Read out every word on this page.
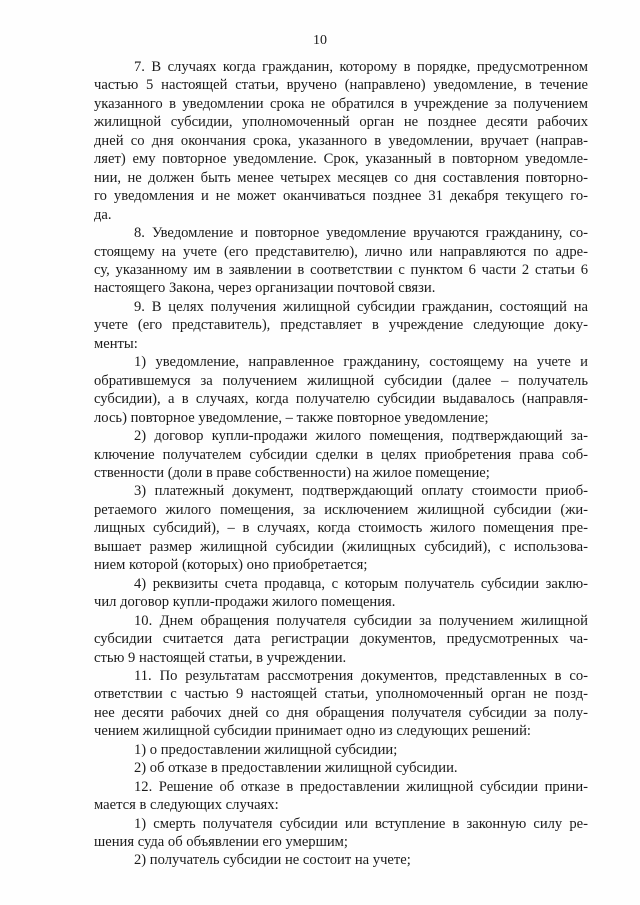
10

7. В случаях когда гражданин, которому в порядке, предусмотренном

частью 5 настоящей статьи, вручено (направлено) уведомление, в течение

указанного в уведомлении срока не обратился в учреждение за получением

жилищной субсидии, уполномоченный орган не позднее десяти рабочих

дней со дня окончания срока, указанного в уведомлении, вручает (направ-

ляет) ему повторное уведомление. Срок, указанный в повторном уведомле-

нии, не должен быть менее четырех месяцев со дня составления повторно-

го уведомления и не может оканчиваться позднее 31 декабря текущего го-

да.

8. Уведомление и повторное уведомление вручаются гражданину, со-

стоящему на учете (его представителю), лично или направляются по адре-

су, указанному им в заявлении в соответствии с пунктом 6 части 2 статьи 6

настоящего Закона, через организации почтовой связи.

9. В целях получения жилищной субсидии гражданин, состоящий на

учете (его представитель), представляет в учреждение следующие доку-

менты:

1) уведомление, направленное гражданину, состоящему на учете и

обратившемуся за получением жилищной субсидии (далее – получатель

субсидии), а в случаях, когда получателю субсидии выдавалось (направля-

лось) повторное уведомление, – также повторное уведомление;

2) договор купли-продажи жилого помещения, подтверждающий за-

ключение получателем субсидии сделки в целях приобретения права соб-

ственности (доли в праве собственности) на жилое помещение;

3) платежный документ, подтверждающий оплату стоимости приоб-

ретаемого жилого помещения, за исключением жилищной субсидии (жи-

лищных субсидий), – в случаях, когда стоимость жилого помещения пре-

вышает размер жилищной субсидии (жилищных субсидий), с использова-

нием которой (которых) оно приобретается;

4) реквизиты счета продавца, с которым получатель субсидии заклю-

чил договор купли-продажи жилого помещения.

10. Днем обращения получателя субсидии за получением жилищной

субсидии считается дата регистрации документов, предусмотренных ча-

стью 9 настоящей статьи, в учреждении.

11. По результатам рассмотрения документов, представленных в со-

ответствии с частью 9 настоящей статьи, уполномоченный орган не позд-

нее десяти рабочих дней со дня обращения получателя субсидии за полу-

чением жилищной субсидии принимает одно из следующих решений:

1) о предоставлении жилищной субсидии;

2) об отказе в предоставлении жилищной субсидии.

12. Решение об отказе в предоставлении жилищной субсидии прини-

мается в следующих случаях:

1) смерть получателя субсидии или вступление в законную силу ре-

шения суда об объявлении его умершим;

2) получатель субсидии не состоит на учете;
